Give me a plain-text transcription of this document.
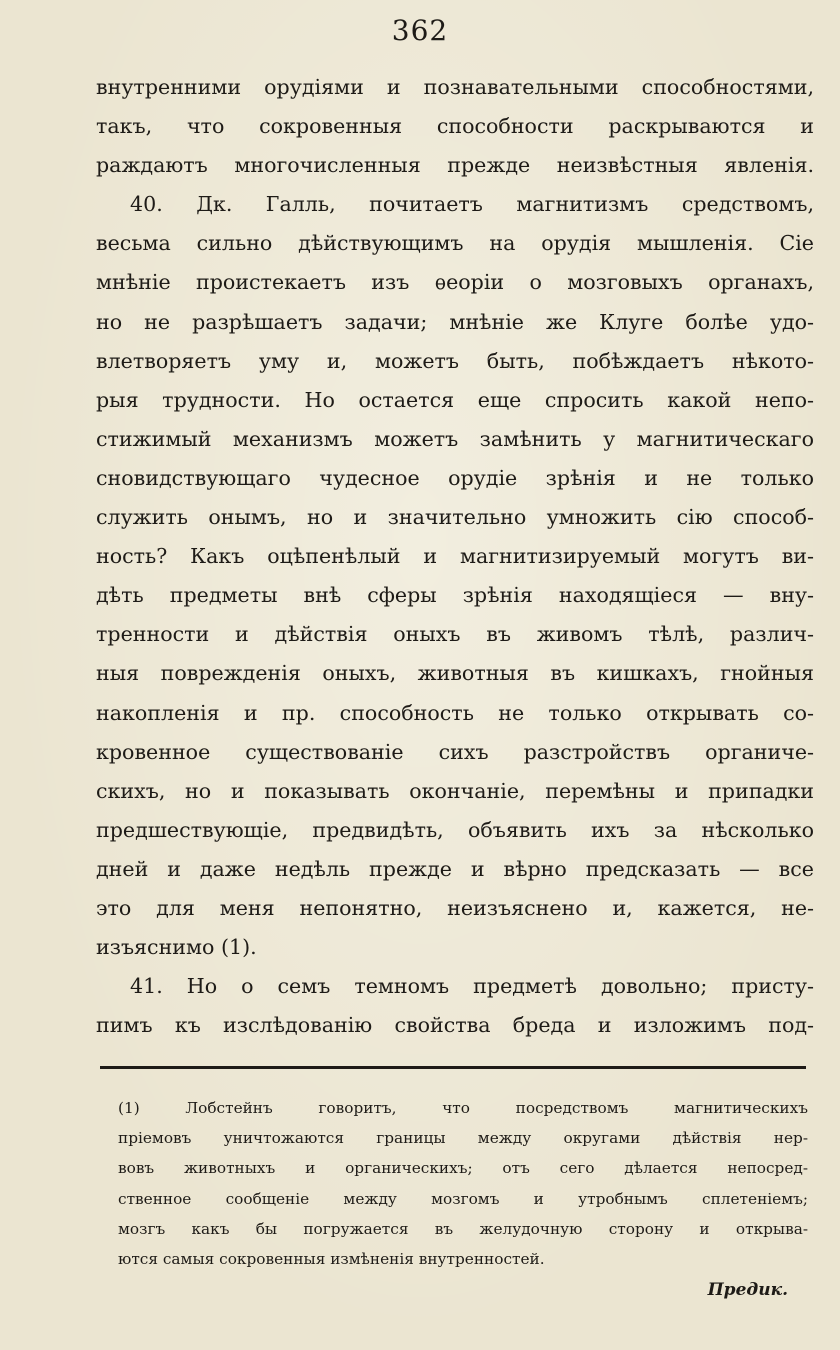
362
внутренними орудіями и познавательными способностями,
такъ, что сокровенныя способности раскрываются и
раждаютъ многочисленныя прежде неизвѣстныя явленія.
40. Дк. Галль, почитаетъ магнитизмъ средствомъ,
весьма сильно дѣйствующимъ на орудія мышленія. Сіе
мнѣніе проистекаетъ изъ ѳеоріи о мозговыхъ органахъ,
но не разрѣшаетъ задачи; мнѣніе же Клуге болѣе удо-
влетворяетъ уму и, можетъ быть, побѣждаетъ нѣкото-
рыя трудности. Но остается еще спросить какой непо-
стижимый механизмъ можетъ замѣнить у магнитическаго
сновидствующаго чудесное орудіе зрѣнія и не только
служить онымъ, но и значительно умножить сію способ-
ность? Какъ оцѣпенѣлый и магнитизируемый могутъ ви-
дѣть предметы внѣ сферы зрѣнія находящіеся — вну-
тренности и дѣйствія оныхъ въ живомъ тѣлѣ, различ-
ныя поврежденія оныхъ, животныя въ кишкахъ, гнойныя
накопленія и пр. способность не только открывать со-
кровенное существованіе сихъ разстройствъ органиче-
скихъ, но и показывать окончаніе, перемѣны и припадки
предшествующіе, предвидѣть, объявить ихъ за нѣсколько
дней и даже недѣль прежде и вѣрно предсказать — все
это для меня непонятно, неизъяснено и, кажется, не-
изъяснимо (1).
41. Но о семъ темномъ предметѣ довольно; присту-
пимъ къ изслѣдованію свойства бреда и изложимъ под-
(1) Лобстейнъ говоритъ, что посредствомъ магнитическихъ
пріемовъ уничтожаются границы между округами дѣйствія нер-
вовъ животныхъ и органическихъ; отъ сего дѣлается непосред-
ственное сообщеніе между мозгомъ и утробнымъ сплетеніемъ;
мозгъ какъ бы погружается въ желудочную сторону и открыва-
ются самыя сокровенныя измѣненія внутренностей.
Предик.
